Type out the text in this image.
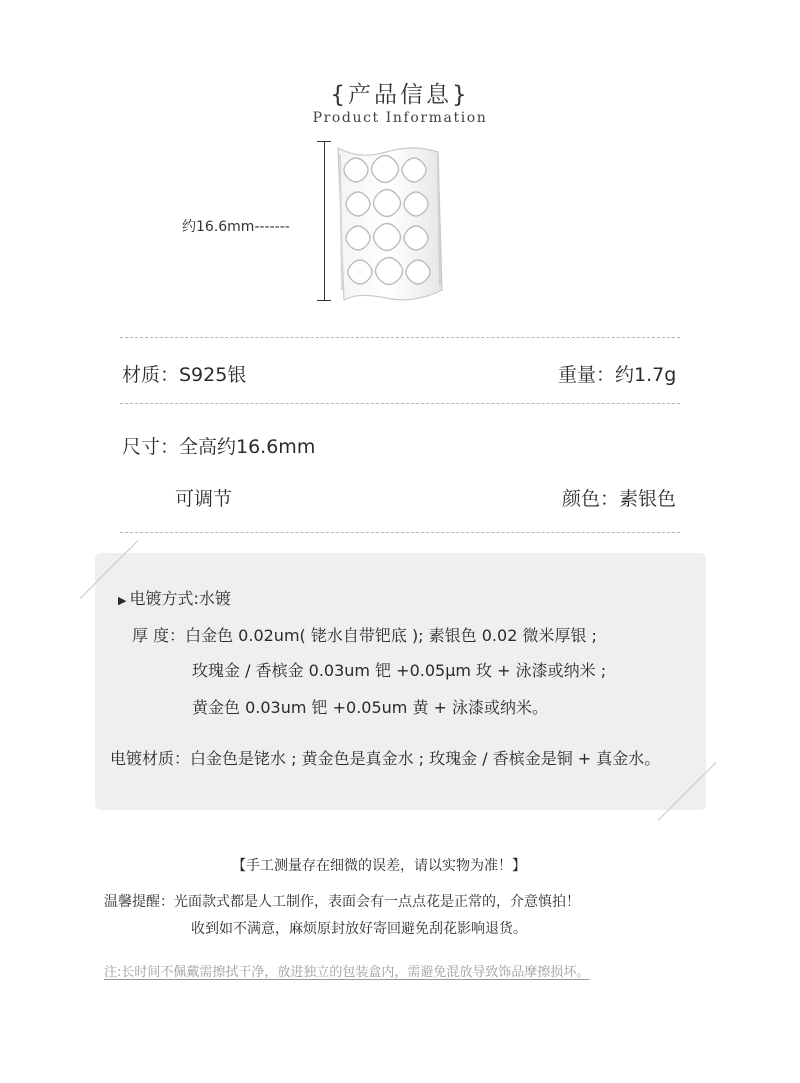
{产品信息}
Product Information
约16.6mm-------
材质：S925银	重量：约1.7g
尺寸：全高约16.6mm
可调节	颜色：素银色
▶ 电镀方式:水镀
厚 度：白金色 0.02um( 铑水自带钯底 ); 素银色 0.02 微米厚银 ;
玫瑰金 / 香槟金 0.03um 钯 +0.05μm 玫 + 泳漆或纳米 ;
黄金色 0.03um 钯 +0.05um 黄 + 泳漆或纳米。
电镀材质：白金色是铑水 ; 黄金色是真金水 ; 玫瑰金 / 香槟金是铜 + 真金水。
【手工测量存在细微的误差，请以实物为准！】
温馨提醒：光面款式都是人工制作，表面会有一点点花是正常的，介意慎拍！
收到如不满意，麻烦原封放好寄回避免刮花影响退货。
注:长时间不佩戴需擦拭干净，放进独立的包装盒内，需避免混放导致饰品摩擦损坏。
